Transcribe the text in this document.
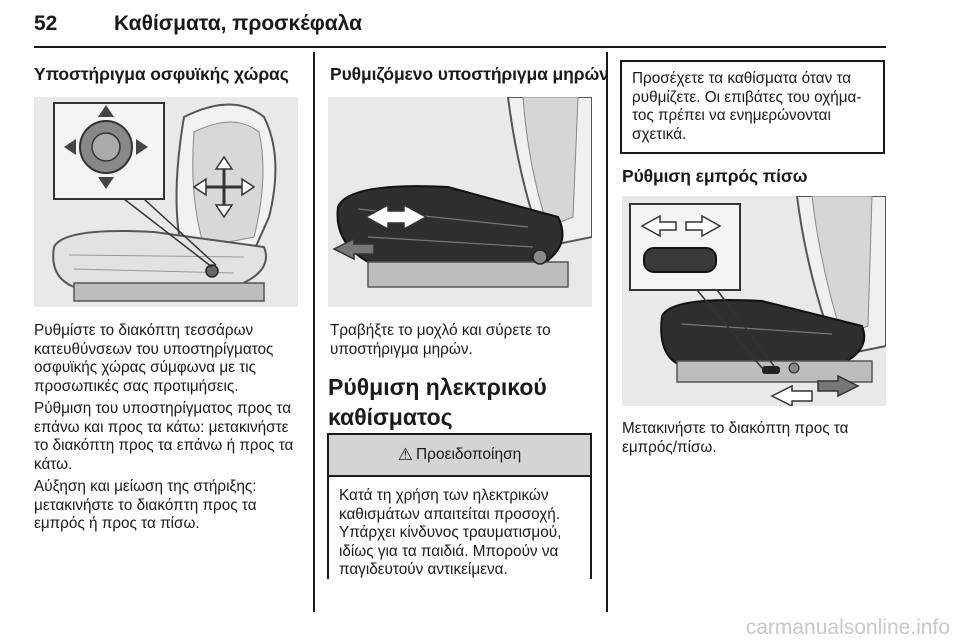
52	Καθίσματα, προσκέφαλα
Υποστήριγμα οσφυϊκής χώρας

Ρυθμίστε το διακόπτη τεσσάρων κατευθύνσεων του υποστηρίγματος οσφυϊκής χώρας σύμφωνα με τις προσωπικές σας προτιμήσεις.

Ρύθμιση του υποστηρίγματος προς τα επάνω και προς τα κάτω: μετακινήστε το διακόπτη προς τα επάνω ή προς τα κάτω.

Αύξηση και μείωση της στήριξης: μετακινήστε το διακόπτη προς τα εμπρός ή προς τα πίσω.

Ρυθμιζόμενο υποστήριγμα μηρών

Τραβήξτε το μοχλό και σύρετε το υποστήριγμα μηρών.

Ρύθμιση ηλεκτρικού καθίσματος
⚠ Προειδοποίηση

Κατά τη χρήση των ηλεκτρικών καθισμάτων απαιτείται προσοχή. Υπάρχει κίνδυνος τραυματισμού, ιδίως για τα παιδιά. Μπορούν να παγιδευτούν αντικείμενα.

Προσέχετε τα καθίσματα όταν τα ρυθμίζετε. Οι επιβάτες του οχήμα-τος πρέπει να ενημερώνονται σχετικά.

Ρύθμιση εμπρός πίσω

Μετακινήστε το διακόπτη προς τα εμπρός/πίσω.

carmanualsonline.info
